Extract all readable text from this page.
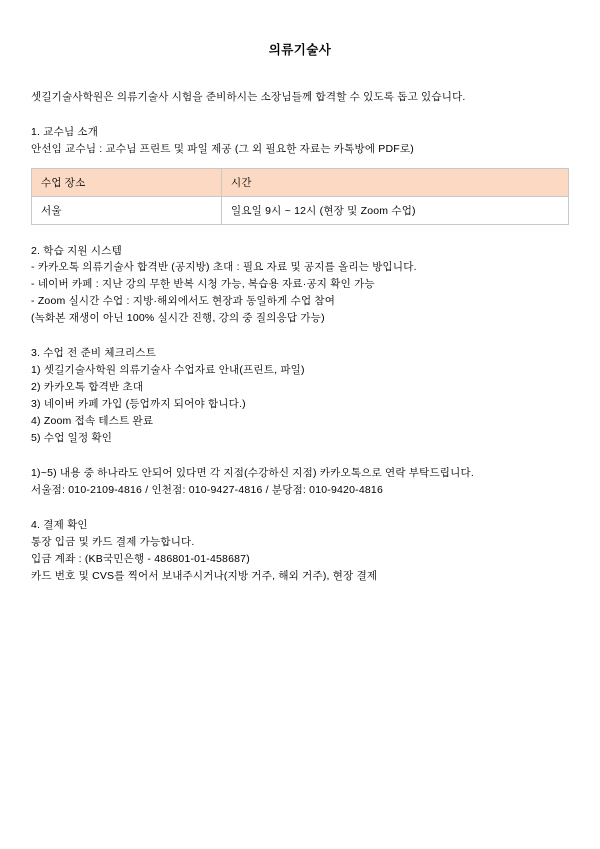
의류기술사
셋길기술사학원은 의류기술사 시험을 준비하시는 소장님들께 합격할 수 있도록 돕고 있습니다.
1. 교수님 소개
안선임 교수님 : 교수님 프린트 및 파일 제공 (그 외 필요한 자료는 카톡방에 PDF로)
수업 장소	시간
서울	일요일 9시 ~ 12시 (현장 및 Zoom 수업)
2. 학습 지원 시스템
- 카카오톡 의류기술사 합격반 (공지방) 초대 : 필요 자료 및 공지를 올리는 방입니다.
- 네이버 카페 : 지난 강의 무한 반복 시청 가능, 복습용 자료·공지 확인 가능
- Zoom 실시간 수업 : 지방·해외에서도 현장과 동일하게 수업 참여
(녹화본 재생이 아닌 100% 실시간 진행, 강의 중 질의응답 가능)
3. 수업 전 준비 체크리스트
1) 셋길기술사학원 의류기술사 수업자료 안내(프린트, 파일)
2) 카카오톡 합격반 초대
3) 네이버 카페 가입 (등업까지 되어야 합니다.)
4) Zoom 접속 테스트 완료
5) 수업 일정 확인
1)~5) 내용 중 하나라도 안되어 있다면 각 지점(수강하신 지점) 카카오톡으로 연락 부탁드립니다.
서울점: 010-2109-4816 / 인천점: 010-9427-4816 / 분당점: 010-9420-4816
4. 결제 확인
통장 입금 및 카드 결제 가능합니다.
입금 계좌 : (KB국민은행 - 486801-01-458687)
카드 번호 및 CVS를 찍어서 보내주시거나(지방 거주, 해외 거주), 현장 결제
